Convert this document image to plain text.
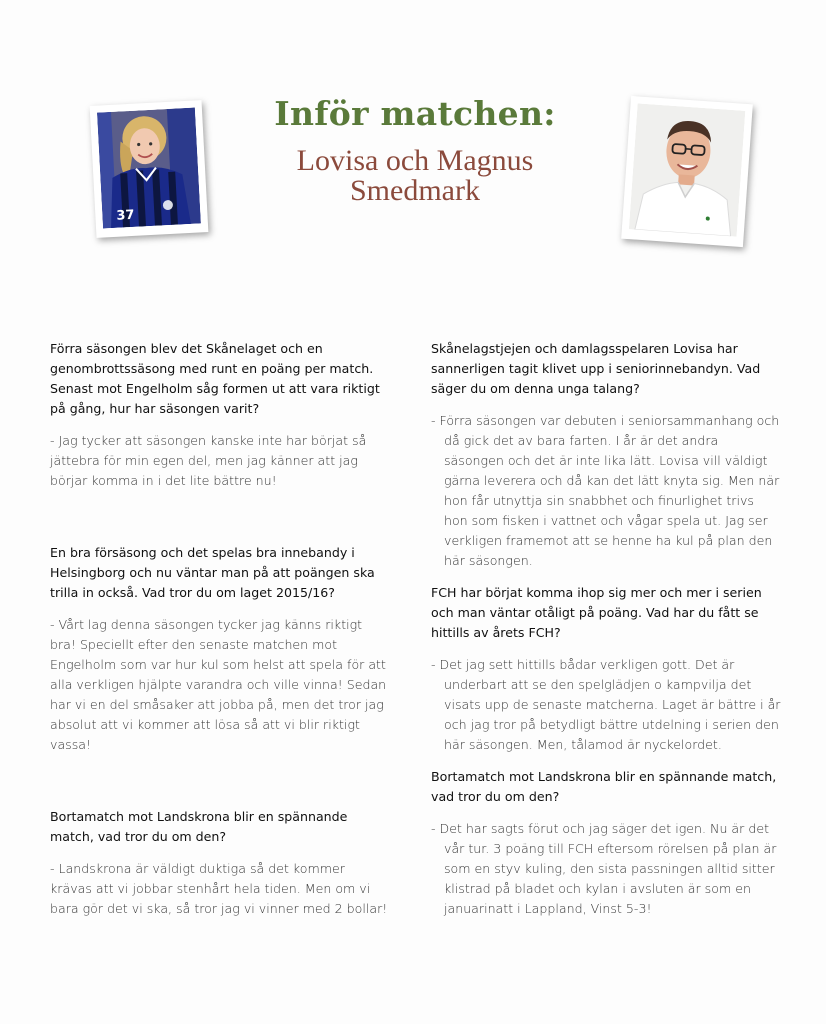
37
Inför matchen:
Lovisa och Magnus
Smedmark
Förra säsongen blev det Skånelaget och en genombrottssäsong med runt en poäng per match. Senast mot Engelholm såg formen ut att vara riktigt på gång, hur har säsongen varit?
- Jag tycker att säsongen kanske inte har börjat så jättebra för min egen del, men jag känner att jag börjar komma in i det lite bättre nu!
En bra försäsong och det spelas bra innebandy i Helsingborg och nu väntar man på att poängen ska trilla in också. Vad tror du om laget 2015/16?
- Vårt lag denna säsongen tycker jag känns riktigt bra! Speciellt efter den senaste matchen mot Engelholm som var hur kul som helst att spela för att alla verkligen hjälpte varandra och ville vinna! Sedan har vi en del småsaker att jobba på, men det tror jag absolut att vi kommer att lösa så att vi blir riktigt vassa!
Bortamatch mot Landskrona blir en spännande match, vad tror du om den?
- Landskrona är väldigt duktiga så det kommer krävas att vi jobbar stenhårt hela tiden. Men om vi bara gör det vi ska, så tror jag vi vinner med 2 bollar!
Skånelagstjejen och damlagsspelaren Lovisa har sannerligen tagit klivet upp i seniorinnebandyn. Vad säger du om denna unga talang?
- Förra säsongen var debuten i seniorsammanhang och då gick det av bara farten. I år är det andra säsongen och det är inte lika lätt. Lovisa vill väldigt gärna leverera och då kan det lätt knyta sig. Men när hon får utnyttja sin snabbhet och finurlighet trivs hon som fisken i vattnet och vågar spela ut. Jag ser verkligen framemot att se henne ha kul på plan den här säsongen.
FCH har börjat komma ihop sig mer och mer i serien och man väntar otåligt på poäng. Vad har du fått se hittills av årets FCH?
- Det jag sett hittills bådar verkligen gott. Det är underbart att se den spelglädjen o kampvilja det visats upp de senaste matcherna. Laget är bättre i år och jag tror på betydligt bättre utdelning i serien den här säsongen. Men, tålamod är nyckelordet.
Bortamatch mot Landskrona blir en spännande match, vad tror du om den?
- Det har sagts förut och jag säger det igen. Nu är det vår tur. 3 poäng till FCH eftersom rörelsen på plan är som en styv kuling, den sista passningen alltid sitter klistrad på bladet och kylan i avsluten är som en januarinatt i Lappland, Vinst 5-3!
